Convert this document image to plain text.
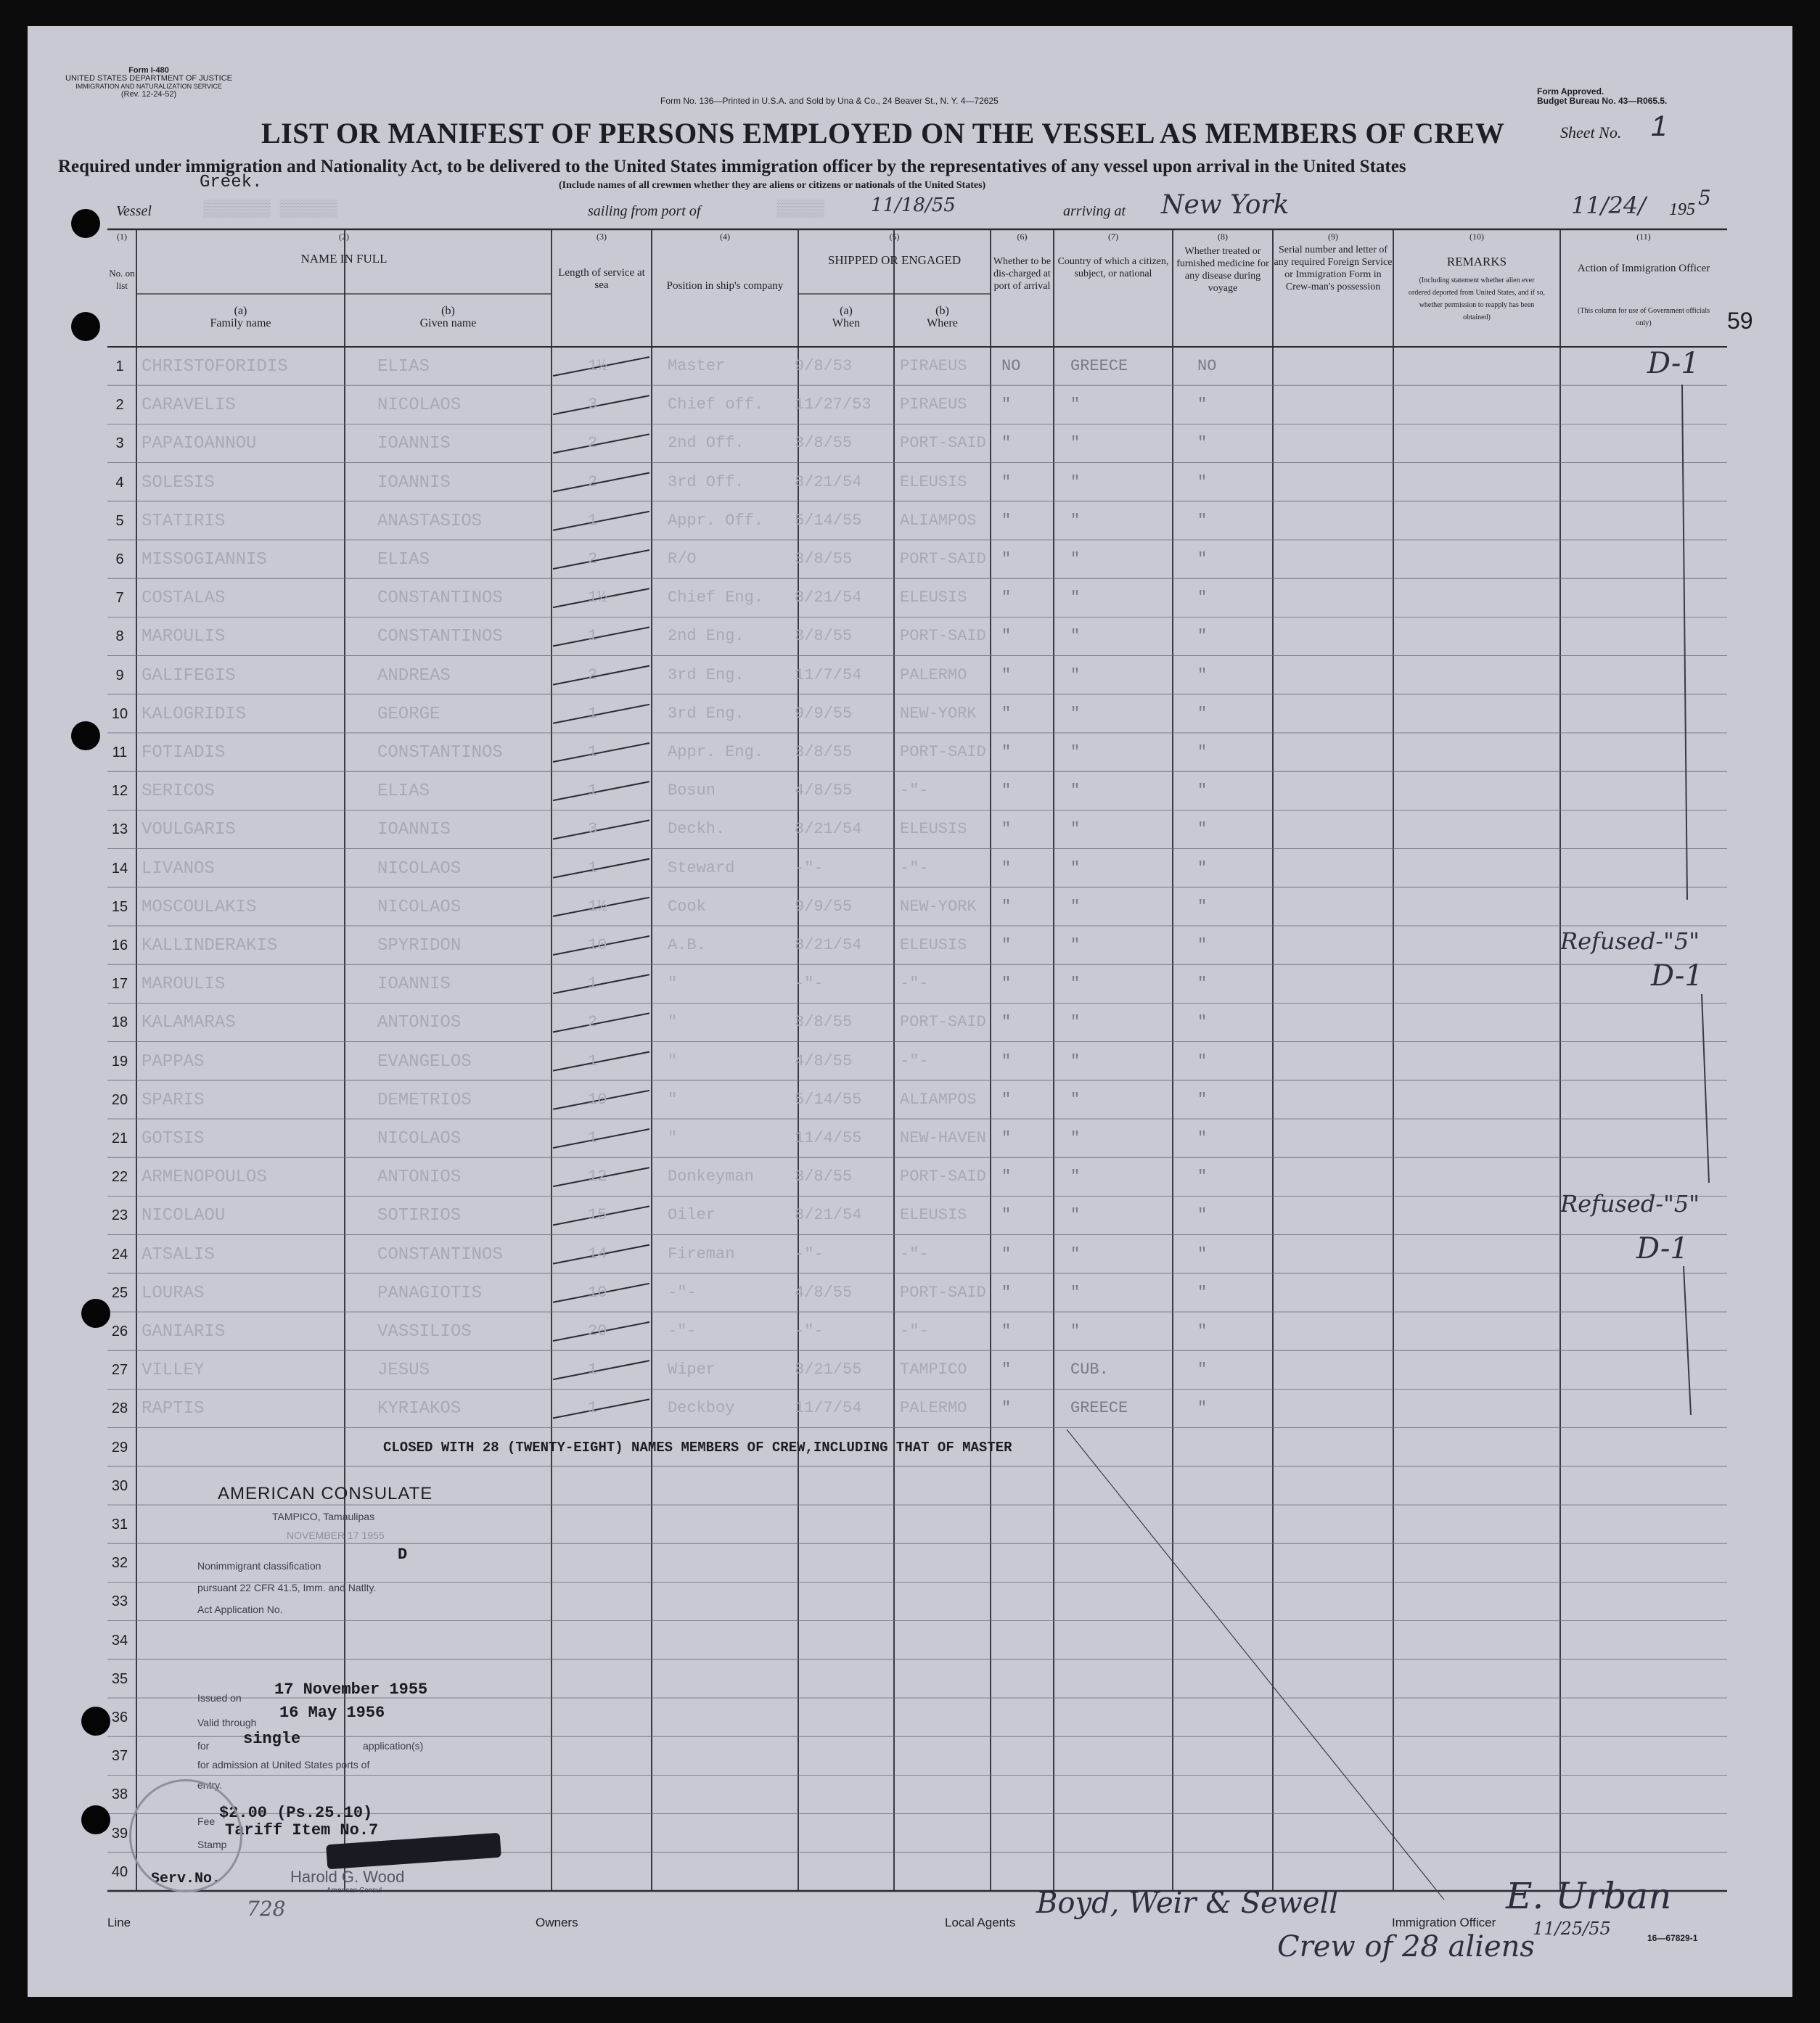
Form I-480
UNITED STATES DEPARTMENT OF JUSTICE
IMMIGRATION AND NATURALIZATION SERVICE
(Rev. 12-24-52)
Form No. 136—Printed in U.S.A. and Sold by Una & Co., 24 Beaver St., N. Y. 4—72625
Form Approved.
Budget Bureau No. 43—R065.5.
LIST OR MANIFEST OF PERSONS EMPLOYED ON THE VESSEL AS MEMBERS OF CREW	Sheet No. 1
Required under immigration and Nationality Act, to be delivered to the United States immigration officer by the representatives of any vessel upon arrival in the United States
(Include names of all crewmen whether they are aliens or citizens or nationals of the United States)
Vessel
Greek.
▒▒▒▒▒▒▒ ▒▒▒▒▒▒	sailing from port of	▒▒▒▒▒ 11/18/55	arriving at New York	11/24/ 195 5
(1)	(2)	(3)	(4)	(5)	(6)	(7)	(8)	(9)	(10)	(11)
No. on list
NAME IN FULL
(a)
Family name
(b)
Given name
Length of service at sea	Position in ship's company
SHIPPED OR ENGAGED
(a)
When
(b)
Where
Whether to be dis-charged at port of arrival
Country of which a citizen, subject, or national
Whether treated or furnished medicine for any disease during voyage
Serial number and letter of any required Foreign Service or Immigration Form in Crew-man's possession
REMARKS
(Including statement whether alien ever ordered deported from United States, and if so, whether permission to reapply has been obtained)
Action of Immigration Officer
(This column for use of Government officials only)	59
1	CHRISTOFORIDIS	ELIAS	1½	Master	9/8/53	PIRAEUS NO	GREECE	NO
2	CARAVELIS	NICOLAOS	3	Chief off. 11/27/53 PIRAEUS "	"	"
3	PAPAIOANNOU	IOANNIS	2	2nd Off.	3/8/55	PORT-SAID "	"	"
4	SOLESIS	IOANNIS	2	3rd Off.	8/21/54 ELEUSIS "	"	"
5	STATIRIS	ANASTASIOS	1	Appr. Off. 5/14/55 ALIAMPOS "	"	"
6	MISSOGIANNIS	ELIAS	2	R/O	3/8/55	PORT-SAID "	"	"
7	COSTALAS	CONSTANTINOS	1½	Chief Eng. 8/21/54 ELEUSIS "	"	"
8	MAROULIS	CONSTANTINOS	1	2nd Eng.	3/8/55	PORT-SAID "	"	"
9	GALIFEGIS	ANDREAS	2	3rd Eng.	11/7/54 PALERMO "	"	"
10 KALOGRIDIS	GEORGE	1	3rd Eng.	9/9/55	NEW-YORK "	"	"
11 FOTIADIS	CONSTANTINOS	1	Appr. Eng. 3/8/55	PORT-SAID "	"	"
12 SERICOS	ELIAS	1	Bosun	4/8/55	-"-	"	"	"
13 VOULGARIS	IOANNIS	3	Deckh.	8/21/54 ELEUSIS "	"	"
14 LIVANOS	NICOLAOS	1	Steward	-"-	-"-	"	"	"
15 MOSCOULAKIS	NICOLAOS	1½	Cook	9/9/55	NEW-YORK "	"	"
16 KALLINDERAKIS	SPYRIDON	10	A.B.	8/21/54 ELEUSIS "	"	"
17 MAROULIS	IOANNIS	1	"	-"-	-"-	"	"	"
18 KALAMARAS	ANTONIOS	2	"	3/8/55	PORT-SAID "	"	"
19 PAPPAS	EVANGELOS	1	"	4/8/55	-"-	"	"	"
20 SPARIS	DEMETRIOS	10	"	5/14/55 ALIAMPOS "	"	"
21 GOTSIS	NICOLAOS	1	"	11/4/55 NEW-HAVEN "	"	"
22 ARMENOPOULOS	ANTONIOS	12	Donkeyman	3/8/55	PORT-SAID "	"	"
23 NICOLAOU	SOTIRIOS	15	Oiler	8/21/54 ELEUSIS "	"	"
24 ATSALIS	CONSTANTINOS	14	Fireman	-"-	-"-	"	"	"
25 LOURAS	PANAGIOTIS	10	-"-	4/8/55	PORT-SAID "	"	"
26 GANIARIS	VASSILIOS	20	-"-	-"-	-"-	"	"	"
27 VILLEY	JESUS	1	Wiper	8/21/55 TAMPICO "	CUB.	"
28 RAPTIS	KYRIAKOS	1	Deckboy	11/7/54 PALERMO "	GREECE	"
29
30
31
32
33
34
35
36
37
38
39
40
D-1
Refused-"5"
D-1
Refused-"5"
D-1
CLOSED WITH 28 (TWENTY-EIGHT) NAMES MEMBERS OF CREW,INCLUDING THAT OF MASTER
AMERICAN CONSULATE
TAMPICO, Tamaulipas
NOVEMBER 17 1955
D
Nonimmigrant classification
pursuant 22 CFR 41.5, Imm. and Natlty.
Act Application No.
Issued on 17 November 1955
Valid through
16 May 1956
for single	application(s)
for admission at United States ports of
entry.
Fee $2.00 (Ps.25.10)
Tariff Item No.7
Stamp
Serv.No.
728
Harold G. Wood
American Consul
Line	Owners	Local Agents
Boyd, Weir & Sewell
Immigration Officer
E. Urban
11/25/55
Crew of 28 aliens	16—67829-1
